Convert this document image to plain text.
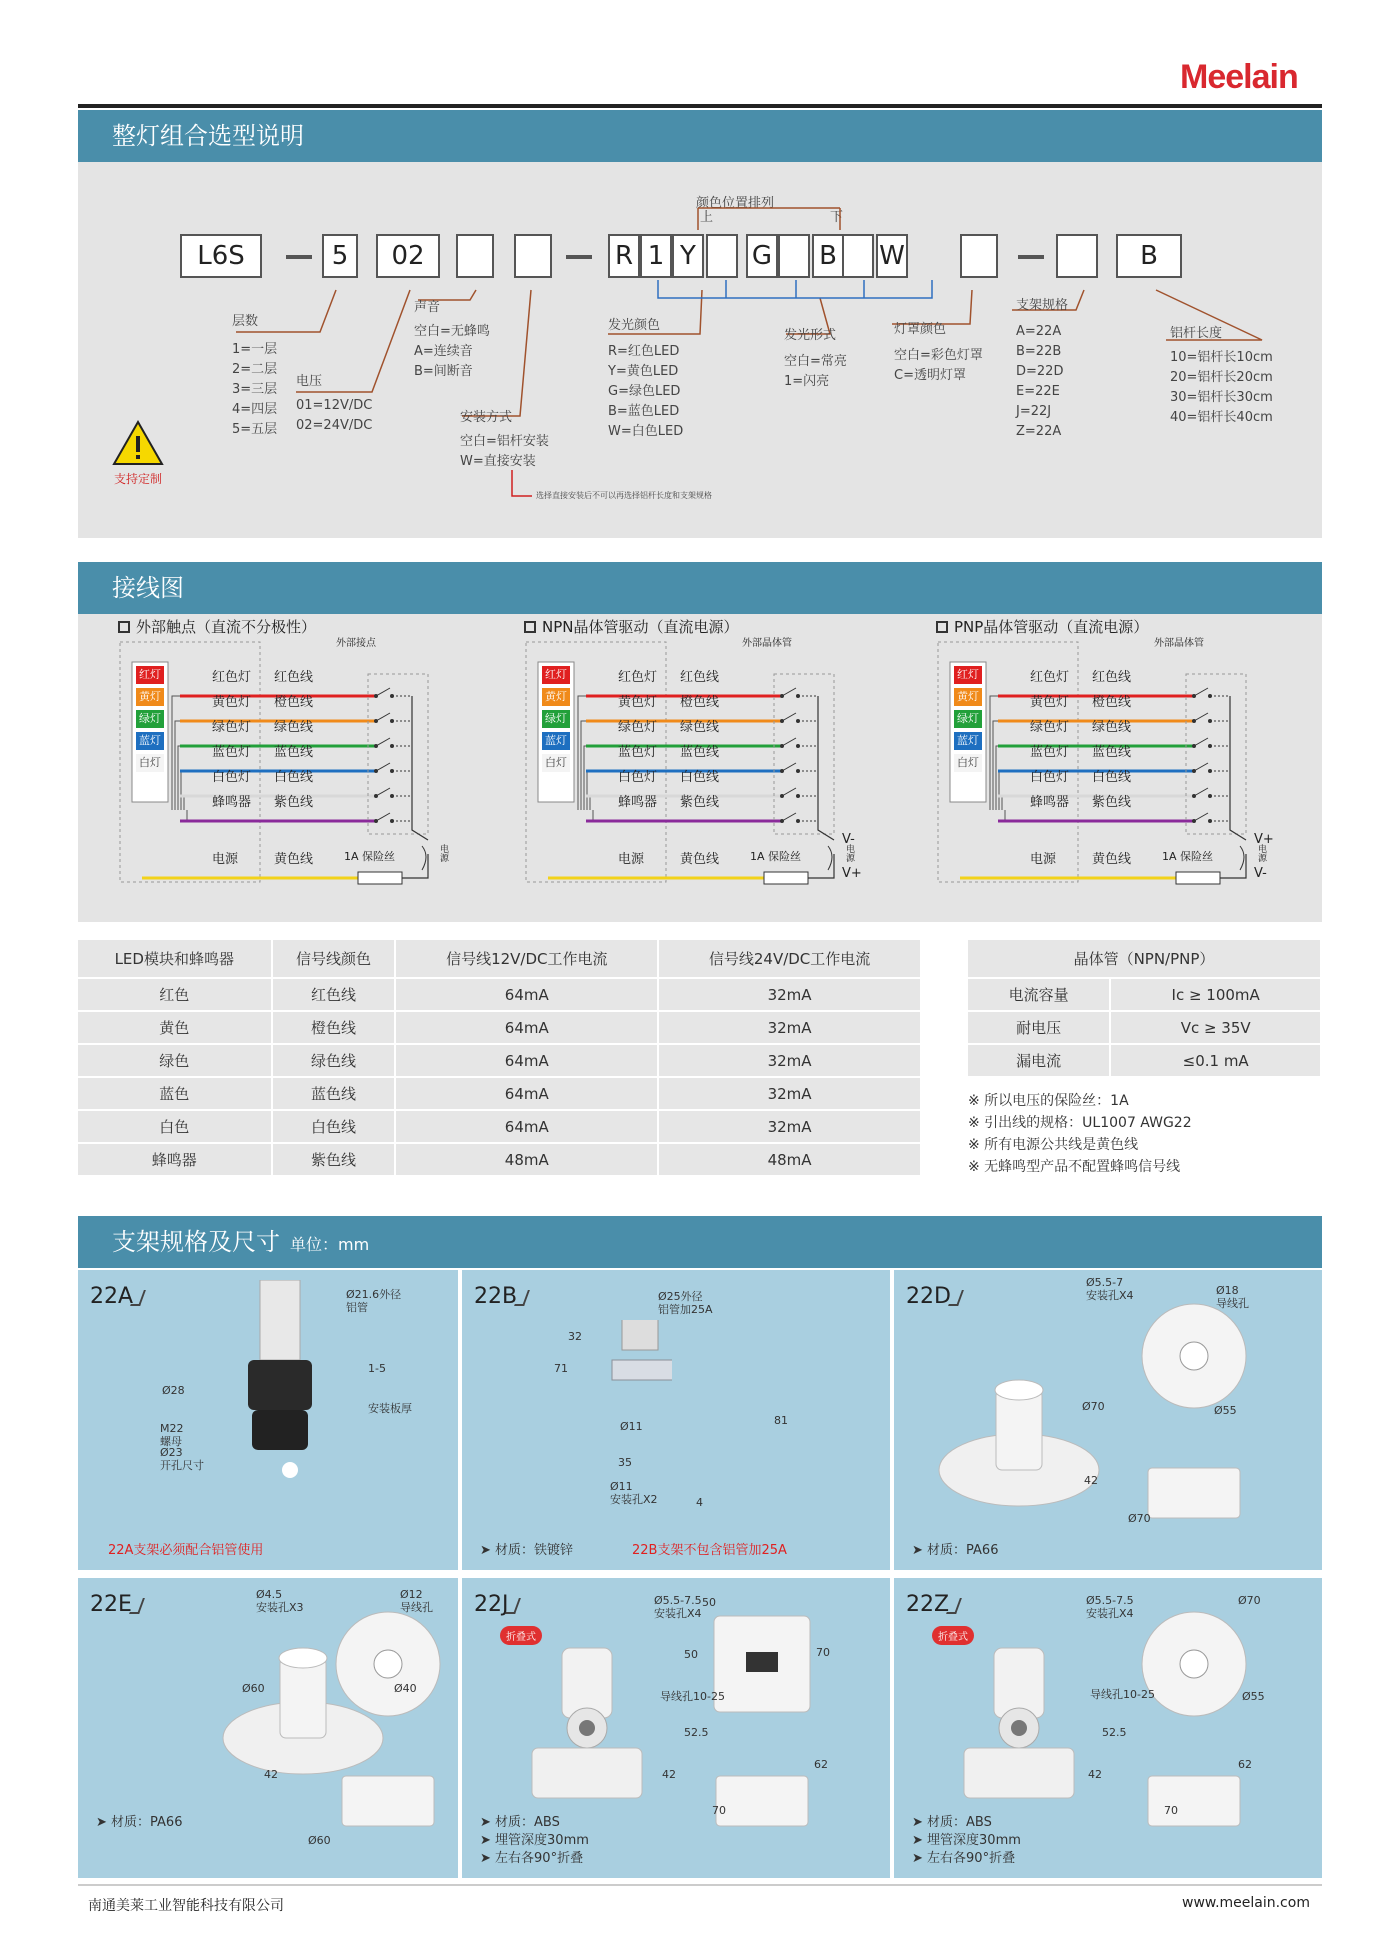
Meelain
整灯组合选型说明
L6S	5	02	R 1 Y	G B W	B
颜色位置排列
上	下
层数
1=一层
2=二层
3=三层
4=四层
5=五层
电压
01=12V/DC
02=24V/DC
声音
空白=无蜂鸣
A=连续音
B=间断音
安装方式
空白=铝杆安装
W=直接安装
选择直接安装后不可以再选择铝杆长度和支架规格
发光颜色
R=红色LED
Y=黄色LED
G=绿色LED
B=蓝色LED
W=白色LED
发光形式
空白=常亮
1=闪亮
灯罩颜色
空白=彩色灯罩
C=透明灯罩
支架规格
A=22A
B=22B
D=22D
E=22E
J=22J
Z=22A
铝杆长度
10=铝杆长10cm
20=铝杆长20cm
30=铝杆长30cm
40=铝杆长40cm
支持定制
接线图
外部触点（直流不分极性）
红灯
黄灯
绿灯
蓝灯
白灯
红色灯
黄色灯
绿色灯
蓝色灯
白色灯
蜂鸣器
红色线
橙色线
绿色线
蓝色线
白色线
紫色线
电源	黄色线	1A 保险丝
外部接点
电源
NPN晶体管驱动（直流电源）
红灯
黄灯
绿灯
蓝灯
白灯
红色灯
黄色灯
绿色灯
蓝色灯
白色灯
蜂鸣器
红色线
橙色线
绿色线
蓝色线
白色线
紫色线
电源	黄色线	1A 保险丝
外部晶体管
V-
V+
电源
PNP晶体管驱动（直流电源）
红灯
黄灯
绿灯
蓝灯
白灯
红色灯
黄色灯
绿色灯
蓝色灯
白色灯
蜂鸣器
红色线
橙色线
绿色线
蓝色线
白色线
紫色线
电源	黄色线	1A 保险丝
外部晶体管
V+
V-
电源
LED模块和蜂鸣器	信号线颜色	信号线12V/DC工作电流	信号线24V/DC工作电流
红色	红色线	64mA	32mA
黄色	橙色线	64mA	32mA
绿色	绿色线	64mA	32mA
蓝色	蓝色线	64mA	32mA
白色	白色线	64mA	32mA
蜂鸣器	紫色线	48mA	48mA
晶体管（NPN/PNP）	
电流容量	Ic ≥ 100mA
耐电压	Vc ≥ 35V
漏电流	≤0.1 mA
※ 所以电压的保险丝：1A
※ 引出线的规格：UL1007 AWG22
※ 所有电源公共线是黄色线
※ 无蜂鸣型产品不配置蜂鸣信号线
支架规格及尺寸 单位：mm
22A	Ø21.6外径
铝管
1-5
Ø28
安装板厚
M22
螺母
Ø23
开孔尺寸
22A支架必须配合铝管使用
22B	Ø25外径
铝管加25A
32
71
Ø11	81
35
Ø11
安装孔X2	4
➤ 材质：铁镀锌	22B支架不包含铝管加25A
22D
Ø5.5-7
安装孔X4	Ø18
导线孔
Ø70	Ø55
42
Ø70
➤ 材质：PA66
22E	Ø4.5
安装孔X3
Ø12
导线孔
Ø60	Ø40
42
Ø60
➤ 材质：PA66
22J
折叠式
Ø5.5-7.5
安装孔X4
50
50	70
导线孔10-25
52.5
62
42
70
➤ 材质：ABS
➤ 埋管深度30mm
➤ 左右各90°折叠
22Z
折叠式
Ø5.5-7.5
安装孔X4
Ø70
导线孔10-25	Ø55
52.5
62
42
70
➤ 材质：ABS
➤ 埋管深度30mm
➤ 左右各90°折叠
南通美莱工业智能科技有限公司	www.meelain.com
